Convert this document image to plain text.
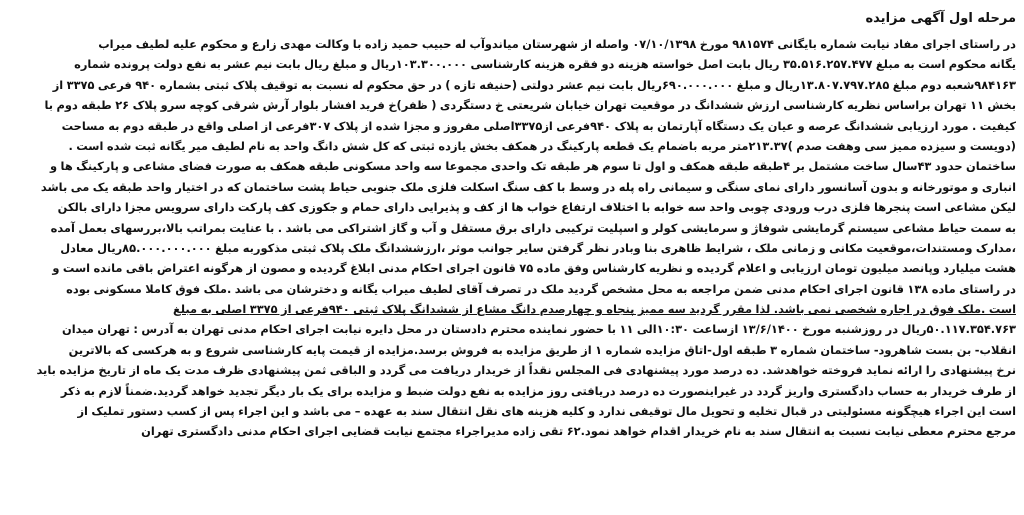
مرحله اول آگهی مزایده
در راستای اجرای مفاد نیابت شماره بایگانی ۹۸۱۵۷۴ مورخ ۰۷/۱۰/۱۳۹۸ واصله از شهرستان میاندوآب له حبیب حمید زاده با وکالت مهدی زارع و محکوم علیه لطیف میراب
یگانه محکوم است به مبلغ ۳۵.۵۱۶.۲۵۷.۴۷۷ ریال بابت اصل خواسته هزینه دو فقره هزینه کارشناسی ۱۰۳.۳۰۰.۰۰۰ریال و مبلغ ریال بابت نیم عشر به نفع دولت پرونده شماره
۹۸۴۱۶۳شعبه دوم مبلغ ۱۳.۸۰۷.۷۹۷.۲۸۵ریال و مبلغ ۶۹۰.۰۰۰.۰۰۰ریال بابت نیم عشر دولتی (حنیفه تازه ) در حق محکوم له نسبت به توقیف پلاک ثبتی بشماره ۹۴۰ فرعی ۳۳۷۵ از
بخش ۱۱ تهران براساس نظریه کارشناسی ارزش ششدانگ در موقعیت تهران خیابان شریعتی خ دستگردی ( ظفر)خ فرید افشار بلوار آرش شرقی کوچه سرو پلاک ۲۶ طبقه دوم با
کیفیت . مورد ارزیابی ششدانگ عرصه و عیان یک دستگاه آپارتمان به پلاک ۹۴۰فرعی از۳۳۷۵اصلی مفروز و مجزا شده از پلاک ۳۰۷فرعی از اصلی واقع در طبقه دوم به مساحت
(دویست و سیزده ممیز سی وهفت صدم )۲۱۳.۳۷متر مربه باضمام یک قطعه پارکینگ در همکف بخش یازده ثبتی که کل شش دانگ واحد به نام لطیف میر یگانه ثبت شده است .
ساختمان حدود ۴۳سال ساخت مشتمل بر ۴طبقه طبقه همکف و اول تا سوم هر طبقه تک واحدی مجموعا سه واحد مسکونی طبقه همکف به صورت فضای مشاعی و پارکینگ ها و
انباری و موتورخانه و بدون آسانسور دارای نمای سنگی و سیمانی راه پله در وسط با کف سنگ اسکلت فلزی ملک جنوبی حیاط پشت ساختمان که در اختیار واحد طبقه یک می باشد
لیکن مشاعی است پنجرها فلزی درب ورودی چوبی واحد سه خوابه با اختلاف ارتفاع خواب ها از کف و پذیرایی دارای حمام و جکوزی کف پارکت دارای سرویس مجزا دارای بالکن
به سمت حیاط مشاعی سیستم گرمایشی شوفاژ و سرمایشی کولر و اسپلیت ترکیبی دارای برق مستقل و آب و گاز اشتراکی می باشد . با عنایت بمراتب بالا،بررسهای بعمل آمده
،مدارک ومستندات،موقعیت مکانی و زمانی ملک ، شرایط ظاهری بنا وبادر نظر گرفتن سایر جوانب موثر ،ارزششدانگ ملک پلاک ثبتی مذکوربه مبلغ ۸۵.۰۰۰.۰۰۰.۰۰۰ریال معادل
هشت میلیارد وپانصد میلیون تومان ارزیابی و اعلام گردیده و نظریه کارشناس وفق ماده ۷۵ قانون اجرای احکام مدنی ابلاغ گردیده و مصون از هرگونه اعتراض باقی مانده است و
در راستای ماده ۱۳۸ قانون اجرای احکام مدنی ضمن مراجعه به محل مشخص گردید ملک در تصرف آقای لطیف میراب یگانه و دخترشان می باشد .ملک فوق کاملا مسکونی بوده
است .ملک فوق در اجاره شخصی نمی باشد. لذا مقرر گردید سه ممیز پنجاه و چهارصدم دانگ مشاع از ششدانگ پلاک ثبتی ۹۴۰فرعی از ۳۳۷۵ اصلی به مبلغ
۵۰.۱۱۷.۳۵۴.۷۶۳ریال در روزشنبه مورخ ۱۳/۶/۱۴۰۰ ازساعت ۱۰:۳۰الی ۱۱ با حضور نماینده محترم دادستان در محل دایره نیابت اجرای احکام مدنی تهران به آدرس : تهران میدان
انقلاب- بن بست شاهرود- ساختمان شماره ۳ طبقه اول-اتاق مزایده شماره ۱ از طریق مزایده به فروش برسد.مزایده از قیمت پایه کارشناسی شروع و به هرکسی که بالاترین
نرخ پیشنهادی را ارائه نماید فروخته خواهدشد. ده درصد مورد پیشنهادی فی المجلس نقداً از خریدار دریافت می گردد و الباقی ثمن پیشنهادی ظرف مدت یک ماه از تاریخ مزایده باید
از طرف خریدار به حساب دادگستری واریز گردد در غیراینصورت ده درصد دریافتی روز مزایده به نفع دولت ضبط و مزایده برای یک بار دیگر تجدید خواهد گردید.ضمناً لازم به ذکر
است این اجراء هیچگونه مسئولیتی در قبال تخلیه و تحویل مال توقیفی ندارد و کلیه هزینه های نقل انتقال سند به عهده – می باشد و این اجراء پس از کسب دستور تملیک از
مرجع محترم معطی نیابت نسبت به انتقال سند به نام خریدار اقدام خواهد نمود.۶۲ تقی زاده مدیراجراء مجتمع نیابت قضایی اجرای احکام مدنی دادگستری تهران
